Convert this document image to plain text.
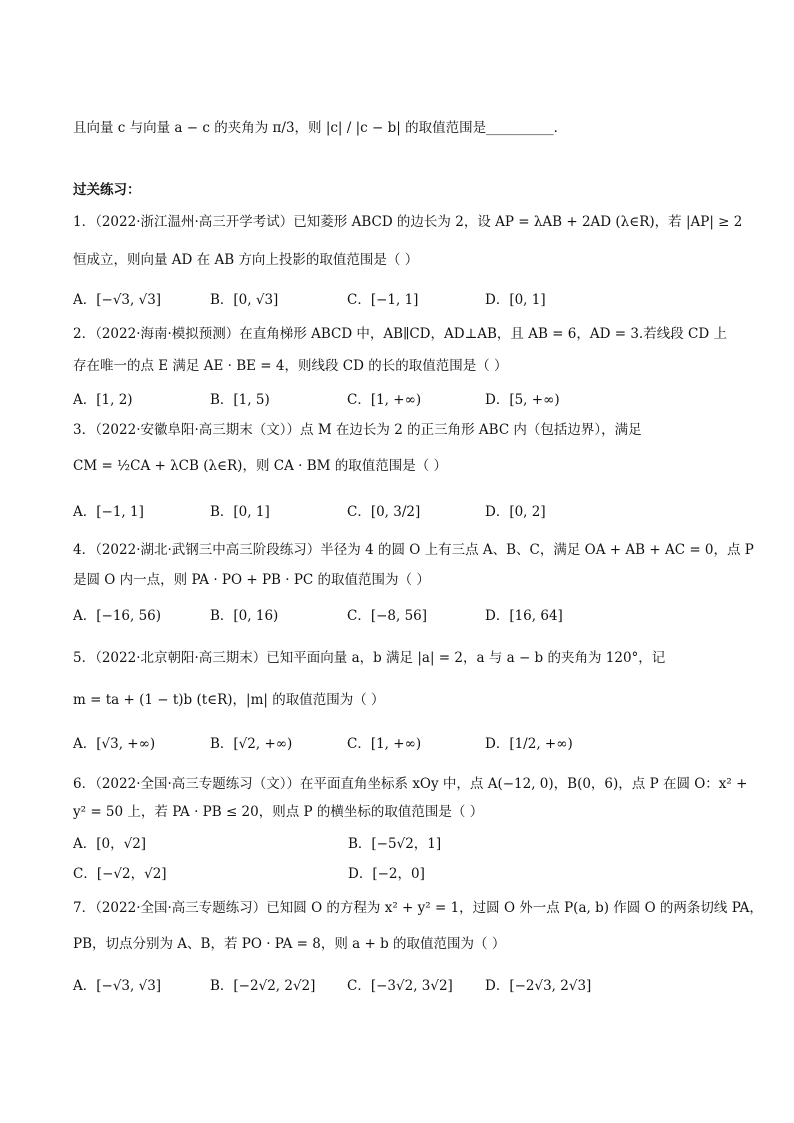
且向量 c 与向量 a − c 的夹角为 π/3，则 |c| / |c − b| 的取值范围是__________．
过关练习：
1．（2022·浙江温州·高三开学考试）已知菱形 ABCD 的边长为 2，设 AP = λAB + 2AD (λ∈R)，若 |AP| ≥ 2
恒成立，则向量 AD 在 AB 方向上投影的取值范围是（ ）
A．[−√3, √3]	B．[0, √3]	C．[−1, 1]	D．[0, 1]
2．（2022·海南·模拟预测）在直角梯形 ABCD 中，AB∥CD，AD⊥AB，且 AB = 6，AD = 3.若线段 CD 上
存在唯一的点 E 满足 AE · BE = 4，则线段 CD 的长的取值范围是（ ）
A．[1, 2)	B．[1, 5)	C．[1, +∞)	D．[5, +∞)
3．（2022·安徽阜阳·高三期末（文））点 M 在边长为 2 的正三角形 ABC 内（包括边界），满足
CM = ½CA + λCB (λ∈R)，则 CA · BM 的取值范围是（ ）
A．[−1, 1]	B．[0, 1]	C．[0, 3/2]	D．[0, 2]
4．（2022·湖北·武钢三中高三阶段练习）半径为 4 的圆 O 上有三点 A、B、C，满足 OA + AB + AC = 0，点 P
是圆 O 内一点，则 PA · PO + PB · PC 的取值范围为（ ）
A．[−16, 56)	B．[0, 16)	C．[−8, 56]	D．[16, 64]
5．（2022·北京朝阳·高三期末）已知平面向量 a，b 满足 |a| = 2，a 与 a − b 的夹角为 120°，记
m = ta + (1 − t)b (t∈R)，|m| 的取值范围为（ ）
A．[√3, +∞)	B．[√2, +∞)	C．[1, +∞)	D．[1/2, +∞)
6．（2022·全国·高三专题练习（文））在平面直角坐标系 xOy 中，点 A(−12, 0)，B(0，6)，点 P 在圆 O：x² +
y² = 50 上，若 PA · PB ≤ 20，则点 P 的横坐标的取值范围是（ ）
A．[0，√2]	B．[−5√2，1]
C．[−√2，√2]	D．[−2，0]
7．（2022·全国·高三专题练习）已知圆 O 的方程为 x² + y² = 1，过圆 O 外一点 P(a, b) 作圆 O 的两条切线 PA，
PB，切点分别为 A、B，若 PO · PA = 8，则 a + b 的取值范围为（ ）
A．[−√3, √3]	B．[−2√2, 2√2] C．[−3√2, 3√2] D．[−2√3, 2√3]
